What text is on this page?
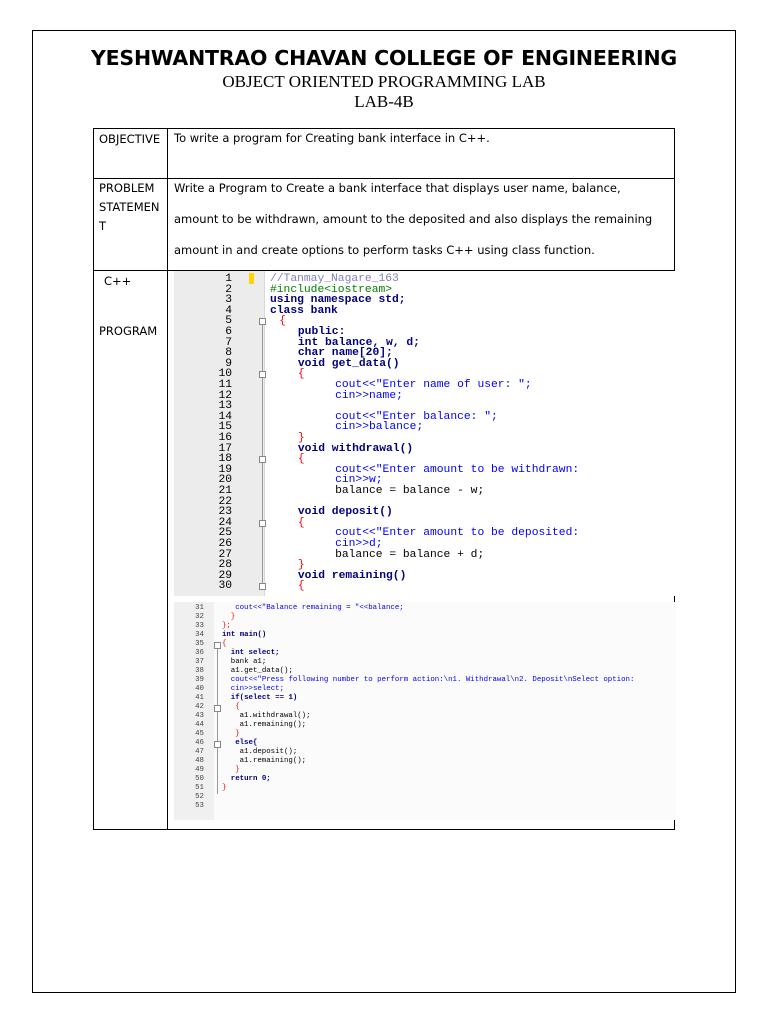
YESHWANTRAO CHAVAN COLLEGE OF ENGINEERING
OBJECT ORIENTED PROGRAMMING LAB
LAB-4B
OBJECTIVE To write a program for Creating bank interface in C++.
PROBLEM STATEMENT
Write a Program to Create a bank interface that displays user name, balance,
amount to be withdrawn, amount to the deposited and also displays the remaining
amount in and create options to perform tasks C++ using class function.
C++
PROGRAM
1	//Tanmay_Nagare_163
2	#include<iostream>
3	using namespace std;
4	class bank
5	{
6	public:
7	int balance, w, d;
8	char name[20];
9	void get_data()
10	{
11	cout<<"Enter name of user: ";
12	cin>>name;
13
14	cout<<"Enter balance: ";
15	cin>>balance;
16	}
17	void withdrawal()
18	{
19	cout<<"Enter amount to be withdrawn:
20	cin>>w;
21	balance = balance - w;
22
23	void deposit()
24	{
25	cout<<"Enter amount to be deposited:
26	cin>>d;
27	balance = balance + d;
28	}
29	void remaining()
30	{
31	cout<<"Balance remaining = "<<balance;
32	}
33 };
34 int main()
35 {
36	int select;
37	bank a1;
38	a1.get_data();
39	cout<<"Press following number to perform action:\n1. Withdrawal\n2. Deposit\nSelect option:
40	cin>>select;
41	if(select == 1)
42	{
43	a1.withdrawal();
44	a1.remaining();
45	}
46	else{
47	a1.deposit();
48	a1.remaining();
49	}
50	return 0;
51 }
52
53
